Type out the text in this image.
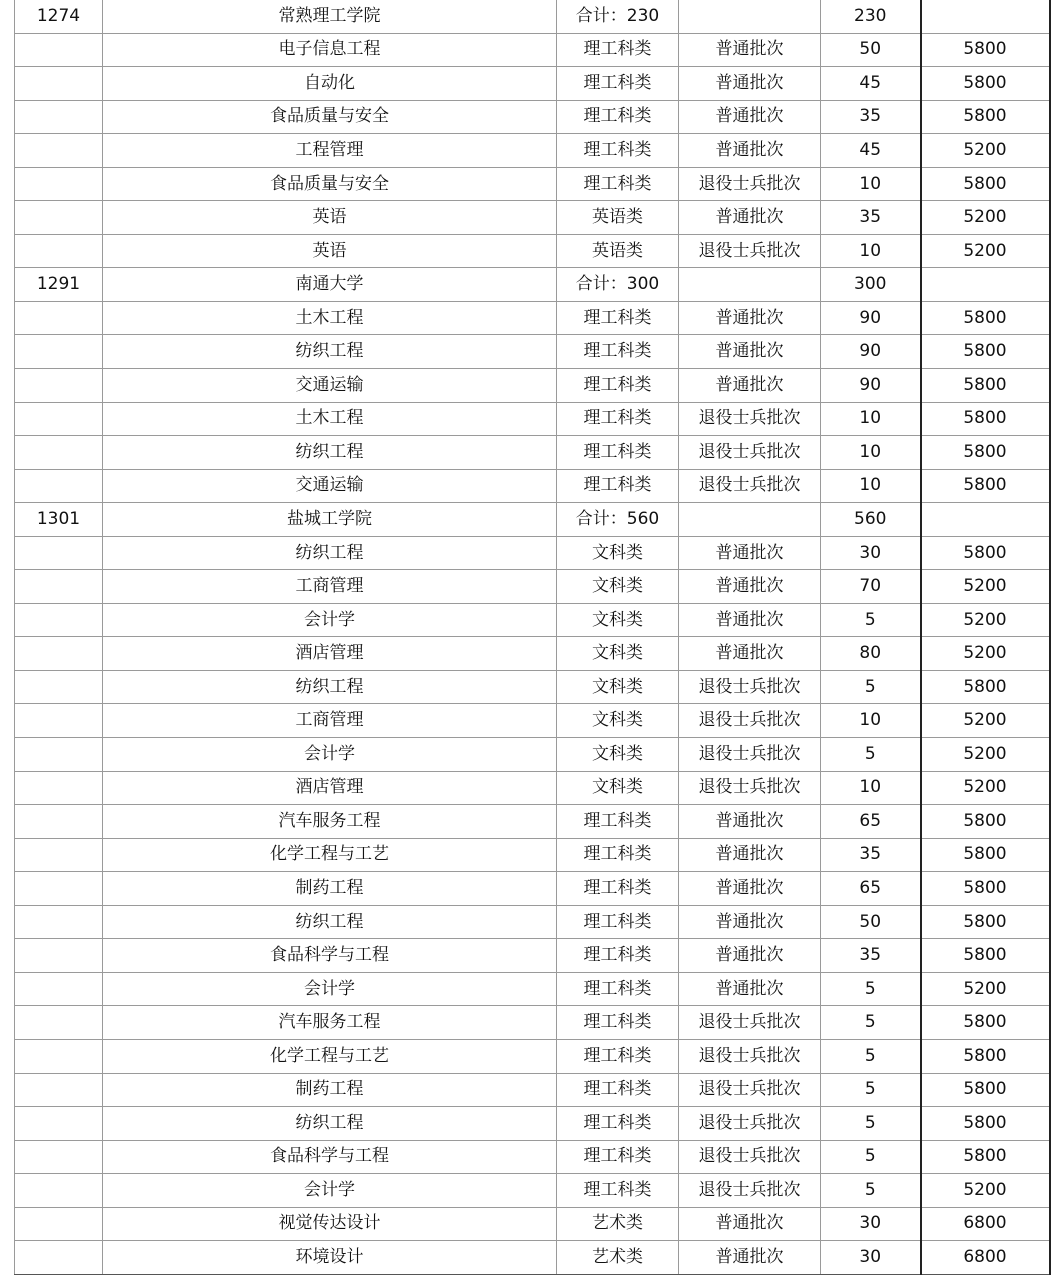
1274	常熟理工学院	合计：230		230	
	电子信息工程	理工科类	普通批次	50	5800
	自动化	理工科类	普通批次	45	5800
	食品质量与安全	理工科类	普通批次	35	5800
	工程管理	理工科类	普通批次	45	5200
	食品质量与安全	理工科类	退役士兵批次	10	5800
	英语	英语类	普通批次	35	5200
	英语	英语类	退役士兵批次	10	5200
1291	南通大学	合计：300		300	
	土木工程	理工科类	普通批次	90	5800
	纺织工程	理工科类	普通批次	90	5800
	交通运输	理工科类	普通批次	90	5800
	土木工程	理工科类	退役士兵批次	10	5800
	纺织工程	理工科类	退役士兵批次	10	5800
	交通运输	理工科类	退役士兵批次	10	5800
1301	盐城工学院	合计：560		560	
	纺织工程	文科类	普通批次	30	5800
	工商管理	文科类	普通批次	70	5200
	会计学	文科类	普通批次	5	5200
	酒店管理	文科类	普通批次	80	5200
	纺织工程	文科类	退役士兵批次	5	5800
	工商管理	文科类	退役士兵批次	10	5200
	会计学	文科类	退役士兵批次	5	5200
	酒店管理	文科类	退役士兵批次	10	5200
	汽车服务工程	理工科类	普通批次	65	5800
	化学工程与工艺	理工科类	普通批次	35	5800
	制药工程	理工科类	普通批次	65	5800
	纺织工程	理工科类	普通批次	50	5800
	食品科学与工程	理工科类	普通批次	35	5800
	会计学	理工科类	普通批次	5	5200
	汽车服务工程	理工科类	退役士兵批次	5	5800
	化学工程与工艺	理工科类	退役士兵批次	5	5800
	制药工程	理工科类	退役士兵批次	5	5800
	纺织工程	理工科类	退役士兵批次	5	5800
	食品科学与工程	理工科类	退役士兵批次	5	5800
	会计学	理工科类	退役士兵批次	5	5200
	视觉传达设计	艺术类	普通批次	30	6800
	环境设计	艺术类	普通批次	30	6800
